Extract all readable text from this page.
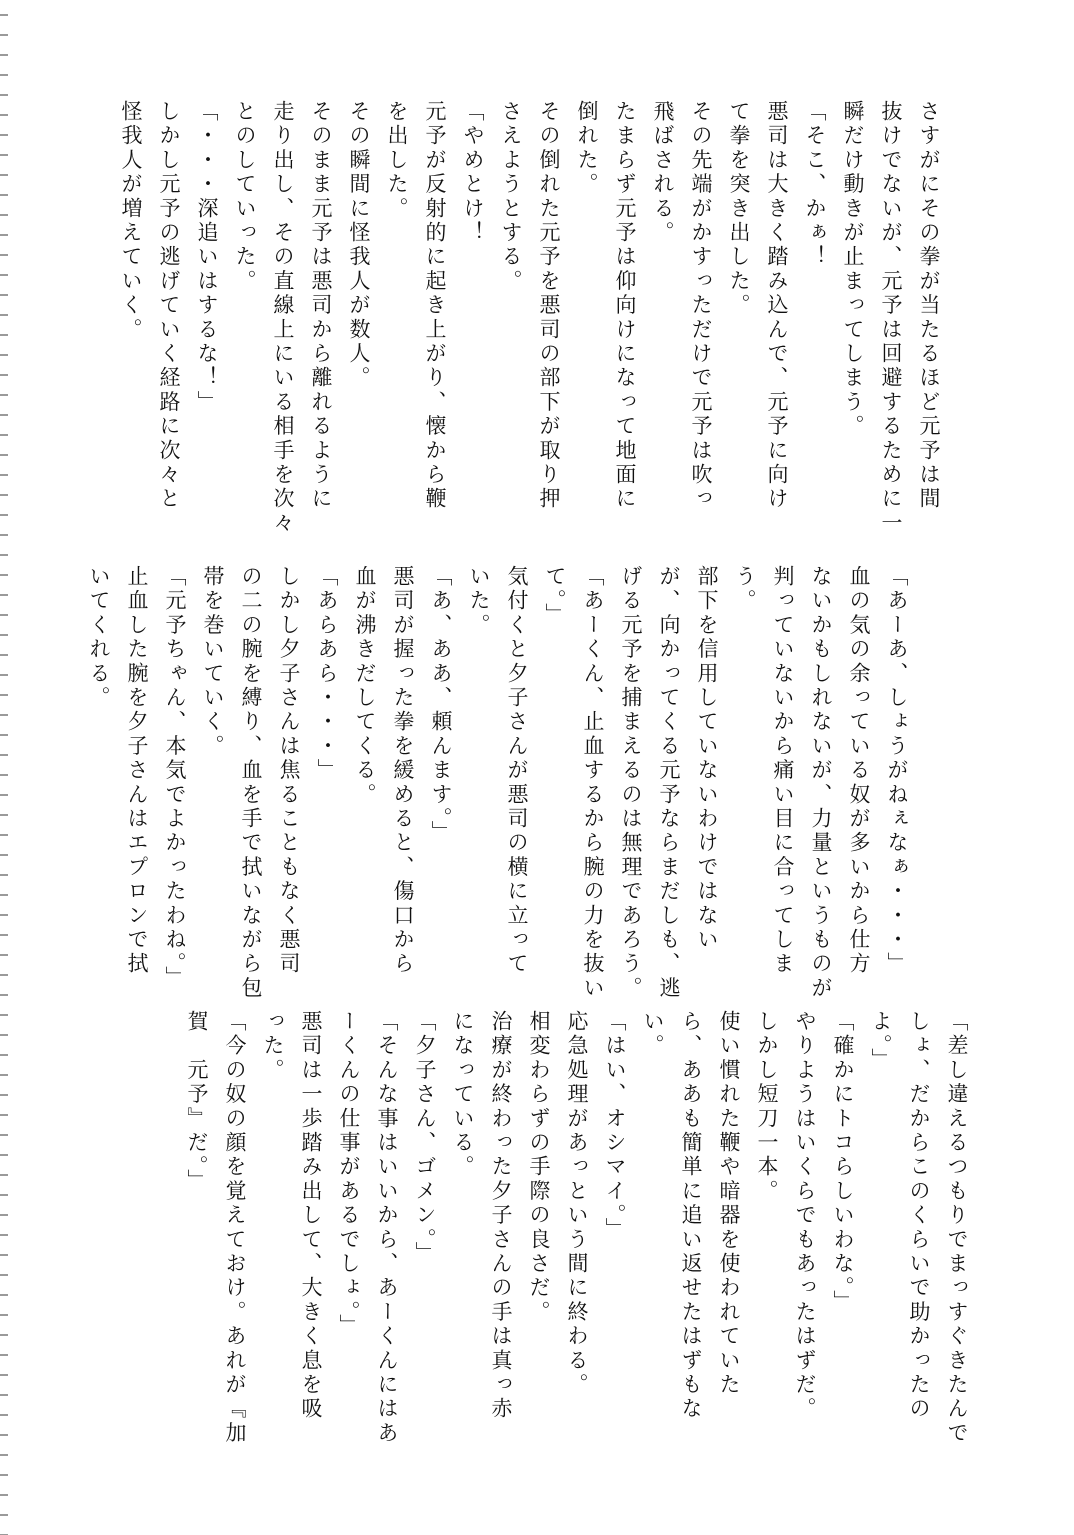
さすがにその拳が当たるほど元予は間
抜けでないが、元予は回避するために一
瞬だけ動きが止まってしまう。
「そこ、かぁ！
悪司は大きく踏み込んで、元予に向け
て拳を突き出した。
その先端がかすっただけで元予は吹っ
飛ばされる。
たまらず元予は仰向けになって地面に
倒れた。
その倒れた元予を悪司の部下が取り押
さえようとする。
「やめとけ！
元予が反射的に起き上がり、懐から鞭
を出した。
その瞬間に怪我人が数人。
そのまま元予は悪司から離れるように
走り出し、その直線上にいる相手を次々
とのしていった。
「・・・深追いはするな！」
しかし元予の逃げていく経路に次々と
怪我人が増えていく。
「あーあ、しょうがねぇなぁ・・・」
血の気の余っている奴が多いから仕方
ないかもしれないが、力量というものが
判っていないから痛い目に合ってしま
う。
部下を信用していないわけではない
が、向かってくる元予ならまだしも、逃
げる元予を捕まえるのは無理であろう。
「あーくん、止血するから腕の力を抜い
て。」
気付くと夕子さんが悪司の横に立って
いた。
「あ、ああ、頼んます。」
悪司が握った拳を緩めると、傷口から
血が沸きだしてくる。
「あらあら・・・」
しかし夕子さんは焦ることもなく悪司
の二の腕を縛り、血を手で拭いながら包
帯を巻いていく。
「元予ちゃん、本気でよかったわね。」
止血した腕を夕子さんはエプロンで拭
いてくれる。
「差し違えるつもりでまっすぐきたんで
しょ、だからこのくらいで助かったの
よ。」
「確かにトコらしいわな。」
やりようはいくらでもあったはずだ。
しかし短刀一本。
使い慣れた鞭や暗器を使われていた
ら、ああも簡単に追い返せたはずもな
い。
「はい、オシマイ。」
応急処理があっという間に終わる。
相変わらずの手際の良さだ。
治療が終わった夕子さんの手は真っ赤
になっている。
「夕子さん、ゴメン。」
「そんな事はいいから、あーくんにはあ
ーくんの仕事があるでしょ。」
悪司は一歩踏み出して、大きく息を吸
った。
「今の奴の顔を覚えておけ。あれが『加
賀　元予』だ。」
